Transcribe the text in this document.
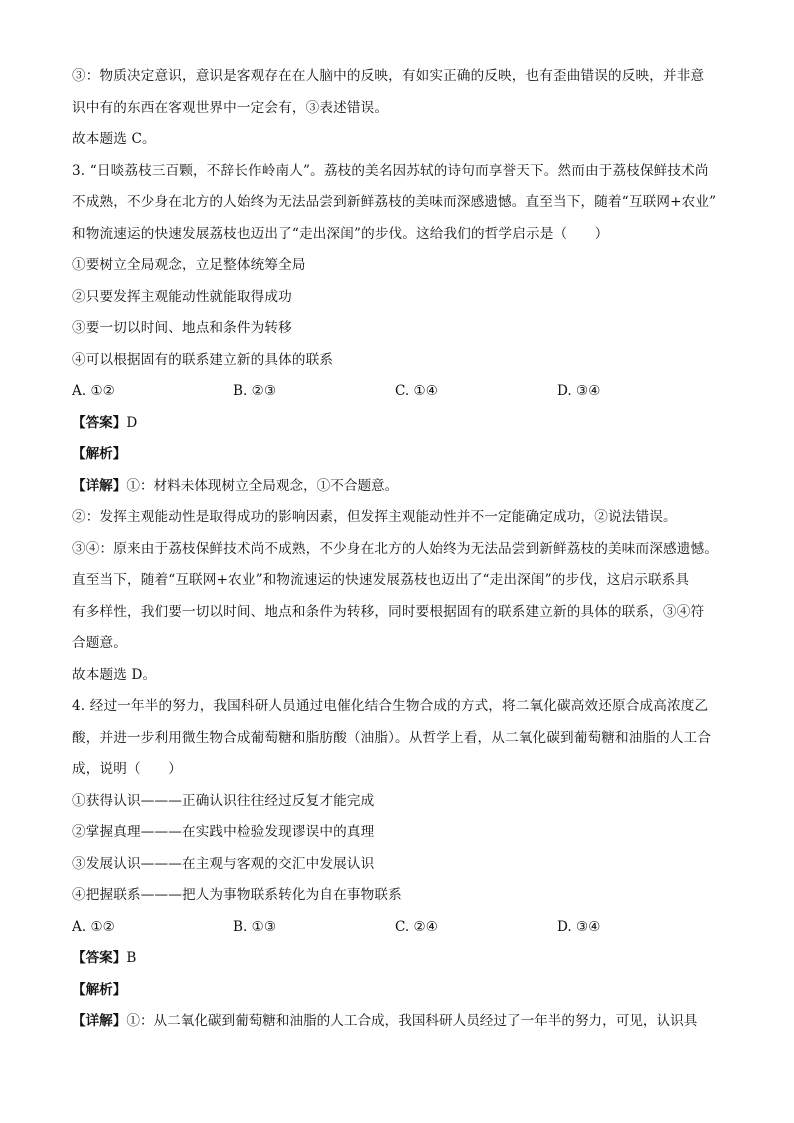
③：物质决定意识，意识是客观存在在人脑中的反映，有如实正确的反映，也有歪曲错误的反映，并非意
识中有的东西在客观世界中一定会有，③表述错误。
故本题选 C。
3. “日啖荔枝三百颗，不辞长作岭南人”。荔枝的美名因苏轼的诗句而享誉天下。然而由于荔枝保鲜技术尚
不成熟，不少身在北方的人始终为无法品尝到新鲜荔枝的美味而深感遗憾。直至当下，随着“互联网+农业”
和物流速运的快速发展荔枝也迈出了“走出深闺”的步伐。这给我们的哲学启示是（　　）
①要树立全局观念，立足整体统筹全局
②只要发挥主观能动性就能取得成功
③要一切以时间、地点和条件为转移
④可以根据固有的联系建立新的具体的联系
A. ①②	B. ②③	C. ①④	D. ③④
【答案】D
【解析】
【详解】①：材料未体现树立全局观念，①不合题意。
②：发挥主观能动性是取得成功的影响因素，但发挥主观能动性并不一定能确定成功，②说法错误。
③④：原来由于荔枝保鲜技术尚不成熟，不少身在北方的人始终为无法品尝到新鲜荔枝的美味而深感遗憾。
直至当下，随着“互联网+农业”和物流速运的快速发展荔枝也迈出了“走出深闺”的步伐，这启示联系具
有多样性，我们要一切以时间、地点和条件为转移，同时要根据固有的联系建立新的具体的联系，③④符
合题意。
故本题选 D。
4. 经过一年半的努力，我国科研人员通过电催化结合生物合成的方式，将二氧化碳高效还原合成高浓度乙
酸，并进一步利用微生物合成葡萄糖和脂肪酸（油脂）。从哲学上看，从二氧化碳到葡萄糖和油脂的人工合
成，说明（　　）
①获得认识———正确认识往往经过反复才能完成
②掌握真理———在实践中检验发现谬误中的真理
③发展认识———在主观与客观的交汇中发展认识
④把握联系———把人为事物联系转化为自在事物联系
A. ①②	B. ①③	C. ②④	D. ③④
【答案】B
【解析】
【详解】①：从二氧化碳到葡萄糖和油脂的人工合成，我国科研人员经过了一年半的努力，可见，认识具
